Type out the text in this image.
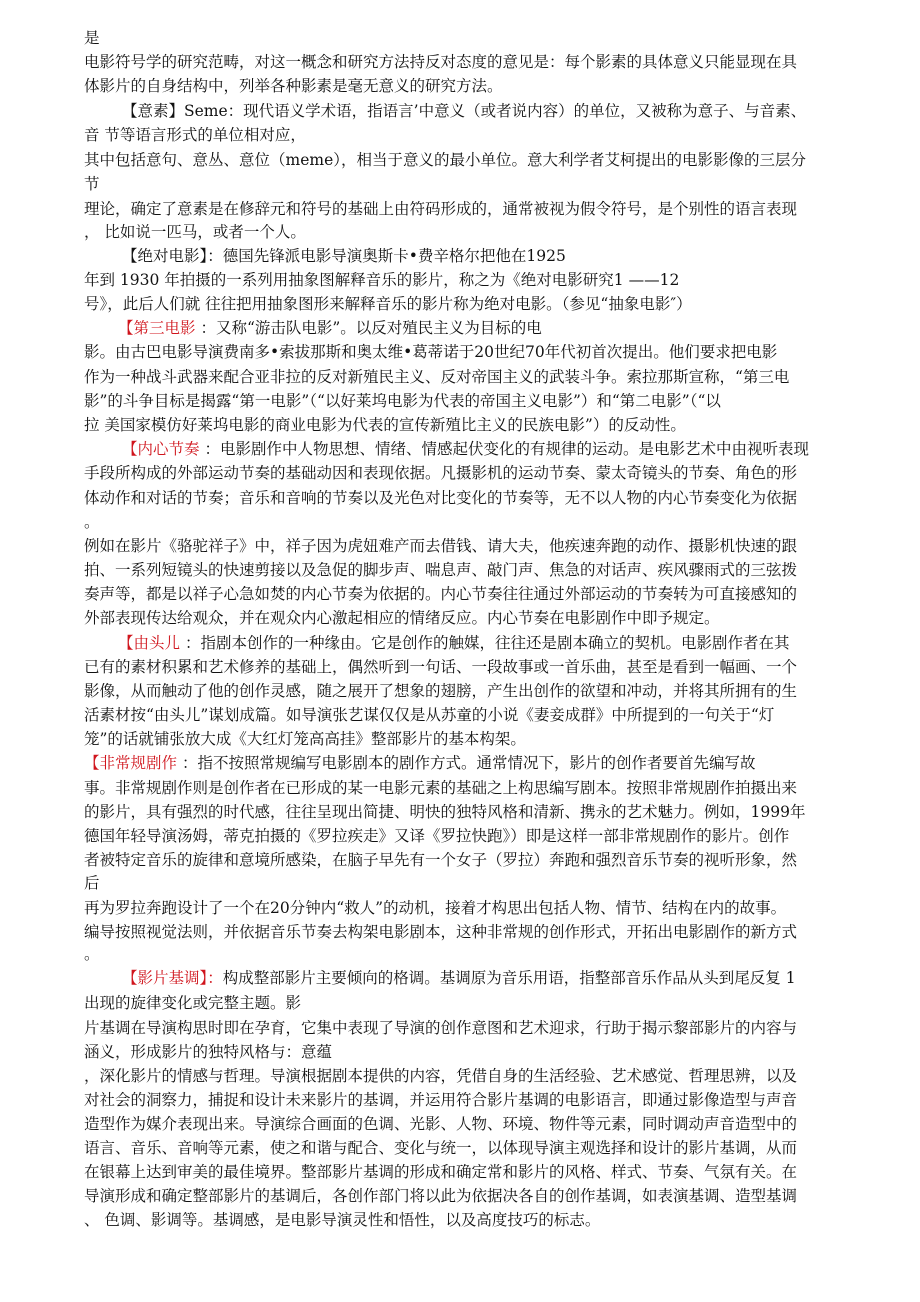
是
电影符号学的研究范畴，对这一概念和研究方法持反对态度的意见是：每个影素的具体意义只能显现在具
体影片的自身结构中，列举各种影素是毫无意义的研究方法。
【意素】Seme：现代语义学术语，指语言’中意义（或者说内容）的单位，又被称为意子、与音素、
音 节等语言形式的单位相对应，
其中包括意句、意丛、意位（meme），相当于意义的最小单位。意大利学者艾柯提出的电影影像的三层分
节
理论，确定了意素是在修辞元和符号的基础上由符码形成的，通常被视为假令符号，是个别性的语言表现
， 比如说一匹马，或者一个人。
【绝对电影】：德国先锋派电影导演奥斯卡•费辛格尔把他在1925
年到 1930 年拍摄的一系列用抽象图解释音乐的影片，称之为《绝对电影研究1 ——12
号》，此后人们就 往往把用抽象图形来解释音乐的影片称为绝对电影。（参见“抽象电影″）
【第三电影 ：又称“游击队电影”。以反对殖民主义为目标的电
影。由古巴电影导演费南多•索拔那斯和奥太维•葛蒂诺于20世纪70年代初首次提出。他们要求把电影
作为一种战斗武器来配合亚非拉的反对新殖民主义、反对帝国主义的武装斗争。索拉那斯宣称，“第三电
影”的斗争目标是揭露“第一电影”（“以好莱坞电影为代表的帝国主义电影”）和“第二电影”（“以
拉 美国家模仿好莱坞电影的商业电影为代表的宣传新殖比主义的民族电影”）的反动性。
【内心节奏 ：电影剧作中人物思想、情绪、情感起伏变化的有规律的运动。是电影艺术中由视听表现
手段所构成的外部运动节奏的基础动因和表现依据。凡摄影机的运动节奏、蒙太奇镜头的节奏、角色的形
体动作和对话的节奏；音乐和音响的节奏以及光色对比变化的节奏等，无不以人物的内心节奏变化为依据
。
例如在影片《骆驼祥子》中，祥子因为虎妞难产而去借钱、请大夫，他疾速奔跑的动作、摄影机快速的跟
拍、一系列短镜头的快速剪接以及急促的脚步声、喘息声、敲门声、焦急的对话声、疾风骤雨式的三弦拨
奏声等，都是以祥子心急如焚的内心节奏为依据的。内心节奏往往通过外部运动的节奏转为可直接感知的
外部表现传达给观众，并在观众内心激起相应的情绪反应。内心节奏在电影剧作中即予规定。
【由头儿 ：指剧本创作的一种缘由。它是创作的触媒，往往还是剧本确立的契机。电影剧作者在其
已有的素材积累和艺术修养的基础上，偶然听到一句话、一段故事或一首乐曲，甚至是看到一幅画、一个
影像，从而触动了他的创作灵感，随之展开了想象的翅膀，产生出创作的欲望和冲动，并将其所拥有的生
活素材按“由头儿”谋划成篇。如导演张艺谋仅仅是从苏童的小说《妻妾成群》中所提到的一句关于“灯
笼”的话就铺张放大成《大红灯笼高高挂》整部影片的基本构架。
【非常规剧作 ：指不按照常规编写电影剧本的剧作方式。通常情况下，影片的创作者要首先编写故
事。非常规剧作则是创作者在已形成的某一电影元素的基础之上构思编写剧本。按照非常规剧作拍摄出来
的影片，具有强烈的时代感，往往呈现出简捷、明快的独特风格和清新、携永的艺术魅力。例如，1999年
德国年轻导演汤姆，蒂克拍摄的《罗拉疾走》又译《罗拉快跑》）即是这样一部非常规剧作的影片。创作
者被特定音乐的旋律和意境所感染，在脑子早先有一个女子（罗拉）奔跑和强烈音乐节奏的视听形象，然
后
再为罗拉奔跑设计了一个在20分钟内“救人”的动机，接着才构思出包括人物、情节、结构在内的故事。
编导按照视觉法则，并依据音乐节奏去构架电影剧本，这种非常规的创作形式，开拓出电影剧作的新方式
。
【影片基调】：构成整部影片主要倾向的格调。基调原为音乐用语，指整部音乐作品从头到尾反复 1
出现的旋律变化或完整主题。影
片基调在导演构思时即在孕育，它集中表现了导演的创作意图和艺术迎求，行助于揭示黎部影片的内容与
涵义，形成影片的独特风格与：意蕴
，深化影片的情感与哲理。导演根据剧本提供的内容，凭借自身的生活经验、艺术感觉、哲理思辨，以及
对社会的洞察力，捕捉和设计未来影片的基调，并运用符合影片基调的电影语言，即通过影像造型与声音
造型作为媒介表现出来。导演综合画面的色调、光影、人物、环境、物件等元素，同时调动声音造型中的
语言、音乐、音响等元素，使之和谐与配合、变化与统一，以体现导演主观选择和设计的影片基调，从而
在银幕上达到审美的最佳境界。整部影片基调的形成和确定常和影片的风格、样式、节奏、气氛有关。在
导演形成和确定整部影片的基调后，各创作部门将以此为依据决各自的创作基调，如表演基调、造型基调
、 色调、影调等。基调感，是电影导演灵性和悟性，以及高度技巧的标志。
